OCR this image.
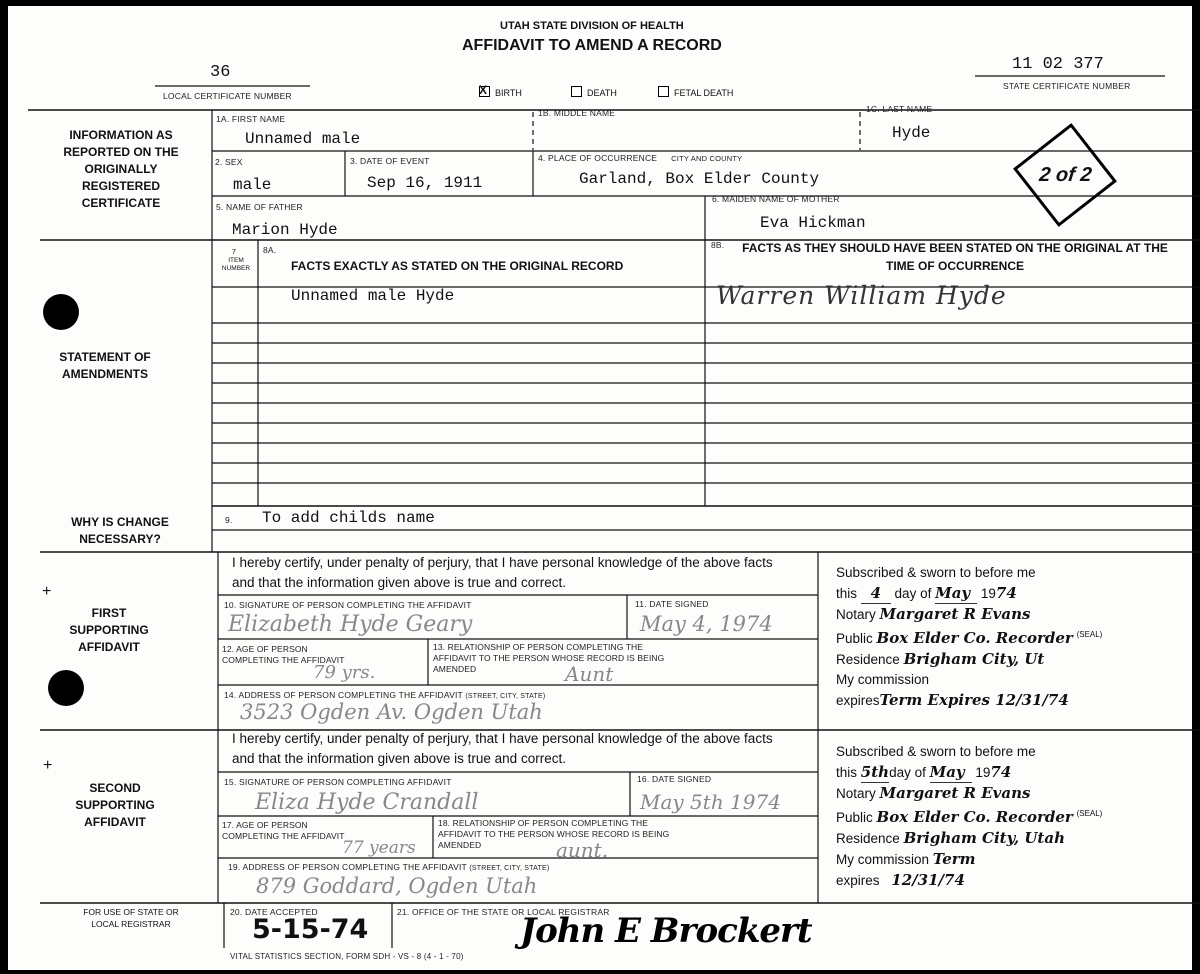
+
+
UTAH STATE DIVISION OF HEALTH
AFFIDAVIT TO AMEND A RECORD
36
LOCAL CERTIFICATE NUMBER
11 02 377
STATE CERTIFICATE NUMBER
X BIRTH	DEATH	FETAL DEATH
2 of 2
INFORMATION AS REPORTED ON THE ORIGINALLY REGISTERED CERTIFICATE
STATEMENT OF AMENDMENTS
WHY IS CHANGE NECESSARY?
FIRST SUPPORTING AFFIDAVIT
SECOND SUPPORTING AFFIDAVIT
FOR USE OF STATE OR LOCAL REGISTRAR
1A. FIRST NAME
Unnamed male
1B. MIDDLE NAME	1C. LAST NAME
Hyde
2. SEX
male
3. DATE OF EVENT
Sep 16, 1911
4. PLACE OF OCCURRENCE CITY AND COUNTY
Garland, Box Elder County
5. NAME OF FATHER
Marion Hyde
6. MAIDEN NAME OF MOTHER
Eva Hickman
7
ITEM NUMBER
8A.
FACTS EXACTLY AS STATED ON THE ORIGINAL RECORD
8B.	FACTS AS THEY SHOULD HAVE BEEN STATED ON THE ORIGINAL AT THE TIME OF OCCURRENCE
Unnamed male Hyde	Warren William Hyde
9. To add childs name
I hereby certify, under penalty of perjury, that I have personal knowledge of the above facts and that the information given above is true and correct.
10. SIGNATURE OF PERSON COMPLETING THE AFFIDAVIT
Elizabeth Hyde Geary
11. DATE SIGNED
May 4, 1974
12. AGE OF PERSON COMPLETING THE AFFIDAVIT
79 yrs.
13. RELATIONSHIP OF PERSON COMPLETING THE AFFIDAVIT TO THE PERSON WHOSE RECORD IS BEING AMENDED	Aunt
14. ADDRESS OF PERSON COMPLETING THE AFFIDAVIT (STREET, CITY, STATE)
3523 Ogden Av. Ogden Utah
Subscribed & sworn to before me
this 4 day of May 1974
Notary Margaret R Evans
Public Box Elder Co. Recorder $^{(SEAL)}$
Residence Brigham City, Ut
My commission
expiresTerm Expires 12/31/74
I hereby certify, under penalty of perjury, that I have personal knowledge of the above facts and that the information given above is true and correct.
15. SIGNATURE OF PERSON COMPLETING AFFIDAVIT
Eliza Hyde Crandall
16. DATE SIGNED
May 5th 1974
17. AGE OF PERSON COMPLETING THE AFFIDAVIT
77 years
18. RELATIONSHIP OF PERSON COMPLETING THE AFFIDAVIT TO THE PERSON WHOSE RECORD IS BEING AMENDED	aunt.
19. ADDRESS OF PERSON COMPLETING THE AFFIDAVIT (STREET, CITY, STATE)
879 Goddard, Ogden Utah
Subscribed & sworn to before me
this 5thday of May 1974
Notary Margaret R Evans
Public Box Elder Co. Recorder $^{(SEAL)}$
Residence Brigham City, Utah
My commission Term
expires 12/31/74
20. DATE ACCEPTED
5-15-74
21. OFFICE OF THE STATE OR LOCAL REGISTRAR
John E Brockert
VITAL STATISTICS SECTION, FORM SDH - VS - 8 (4 - 1 - 70)
